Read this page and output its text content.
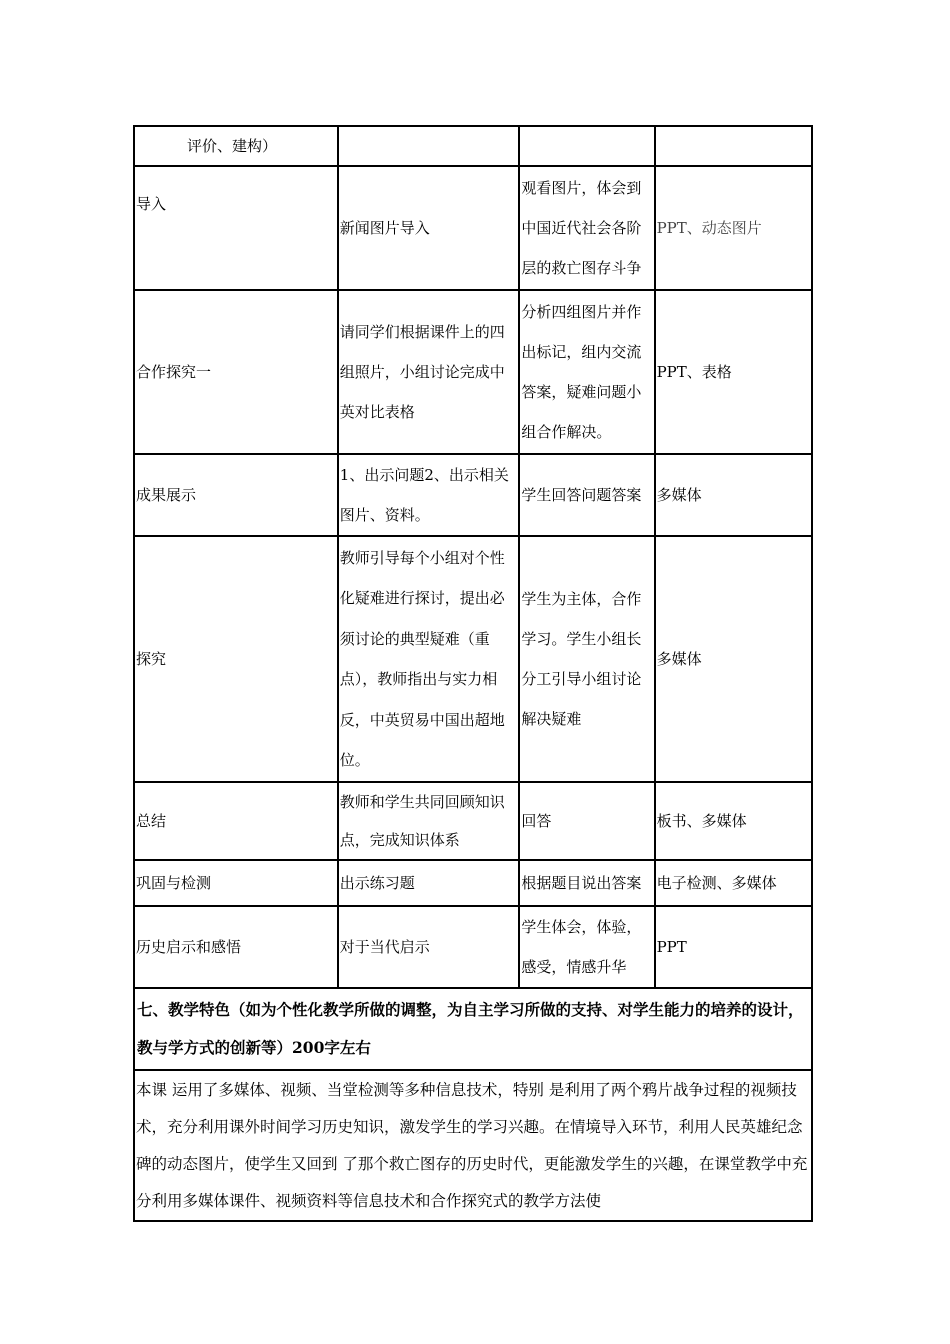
评价、建构）			

导入	新闻图片导入	观看图片，体会到中国近代社会各阶层的救亡图存斗争	PPT、动态图片

合作探究一	请同学们根据课件上的四组照片，小组讨论完成中英对比表格	分析四组图片并作出标记，组内交流答案，疑难问题小组合作解决。	PPT、表格

成果展示	1、出示问题2、出示相关图片、资料。	学生回答问题答案	多媒体

探究	教师引导每个小组对个性化疑难进行探讨，提出必须讨论的典型疑难（重点），教师指出与实力相反，中英贸易中国出超地位。	学生为主体，合作学习。学生小组长分工引导小组讨论解决疑难	多媒体

总结	教师和学生共同回顾知识点，完成知识体系	回答	板书、多媒体

巩固与检测	出示练习题	根据题目说出答案	电子检测、多媒体

历史启示和感悟	对于当代启示	学生体会，体验，感受，情感升华	PPT

七、教学特色（如为个性化教学所做的调整，为自主学习所做的支持、对学生能力的培养的设计，教与学方式的创新等）200字左右			

本课 运用了多媒体、视频、当堂检测等多种信息技术，特别 是利用了两个鸦片战争过程的视频技术，充分利用课外时间学习历史知识，激发学生的学习兴趣。在情境导入环节，利用人民英雄纪念碑的动态图片，使学生又回到 了那个救亡图存的历史时代，更能激发学生的兴趣，在课堂教学中充分利用多媒体课件、视频资料等信息技术和合作探究式的教学方法使			
